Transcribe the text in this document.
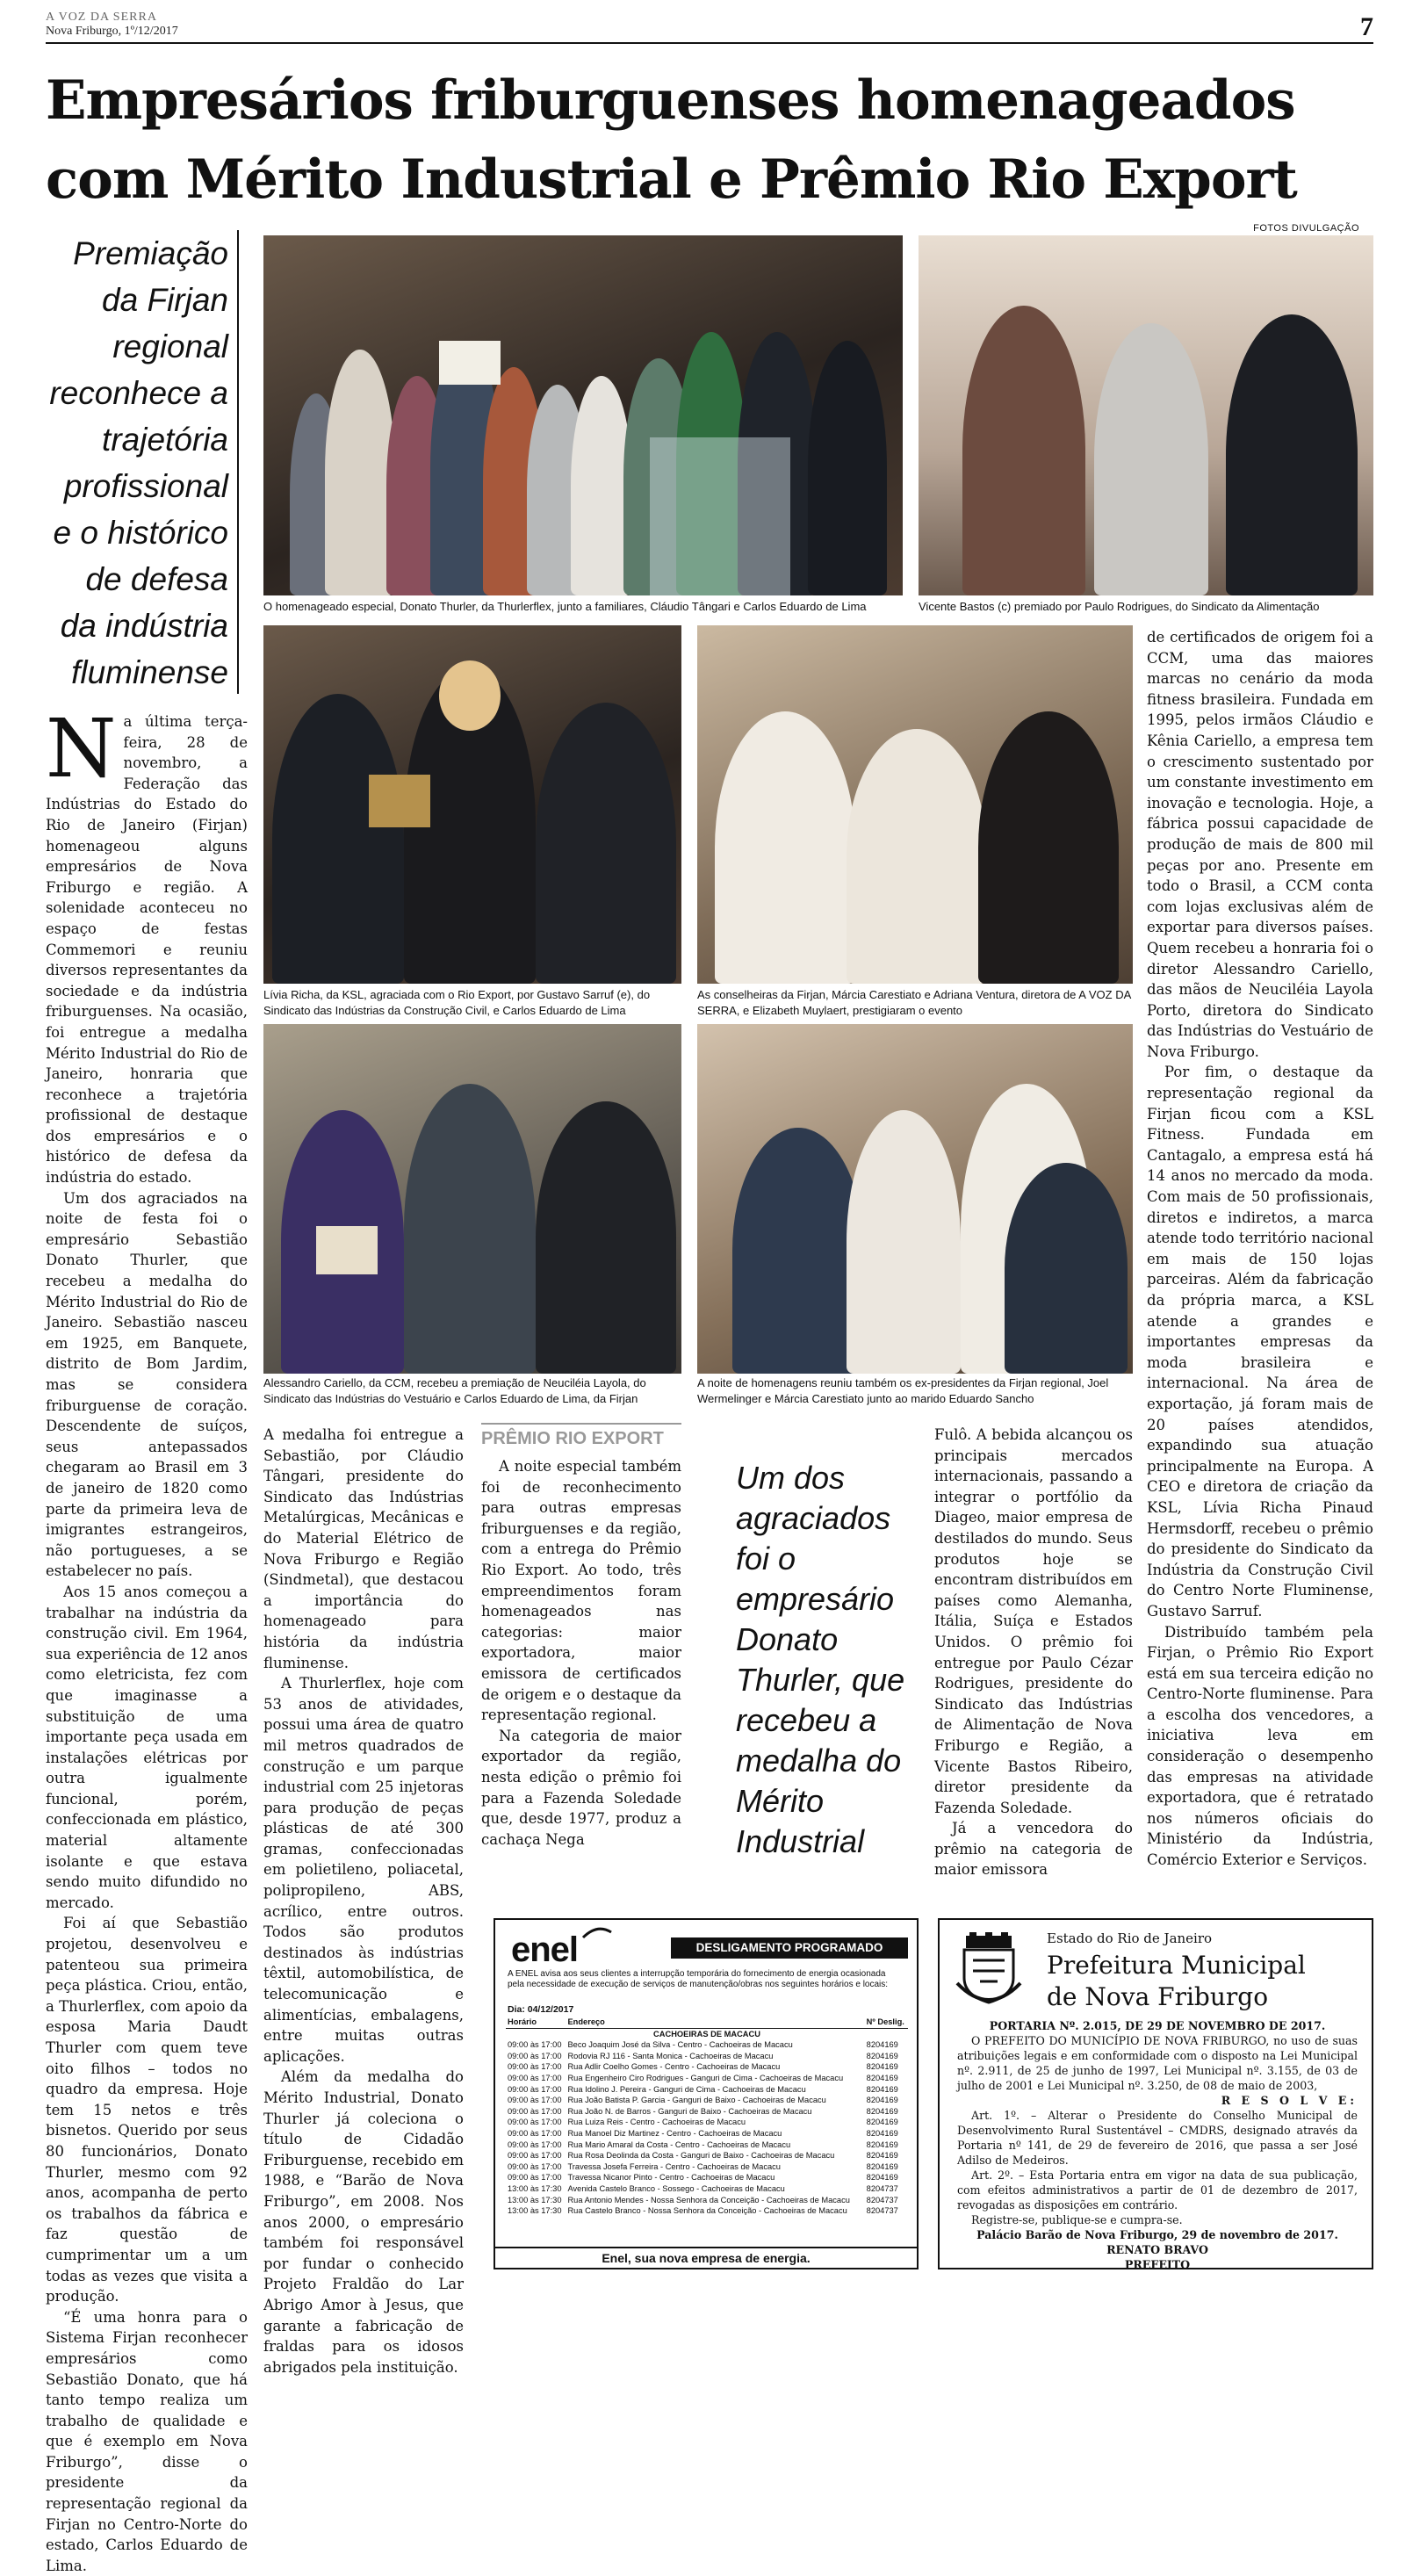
A VOZ DA SERRA
Nova Friburgo, 1º/12/2017	7
Empresários friburguenses homenageados
com Mérito Industrial e Prêmio Rio Export
FOTOS DIVULGAÇÃO
Premiação da Firjan regional reconhece a trajetória profissional e o histórico de defesa da indústria fluminense
O homenageado especial, Donato Thurler, da Thurlerflex, junto a familiares, Cláudio Tângari e Carlos Eduardo de Lima	Vicente Bastos (c) premiado por Paulo Rodrigues, do Sindicato da Alimentação
Lívia Richa, da KSL, agraciada com o Rio Export, por Gustavo Sarruf (e), do Sindicato das Indústrias da Construção Civil, e Carlos Eduardo de Lima
As conselheiras da Firjan, Márcia Carestiato e Adriana Ventura, diretora de A VOZ DA SERRA, e Elizabeth Muylaert, prestigiaram o evento
Alessandro Cariello, da CCM, recebeu a premiação de Neuciléia Layola, do Sindicato das Indústrias do Vestuário e Carlos Eduardo de Lima, da Firjan
A noite de homenagens reuniu também os ex-presidentes da Firjan regional, Joel Wermelinger e Márcia Carestiato junto ao marido Eduardo Sancho
N a última terça-feira, 28 de novembro, a Federação das Indústrias do Estado do Rio de Janeiro (Firjan) homenageou alguns empresários de Nova Friburgo e região. A solenidade aconteceu no espaço de festas Commemori e reuniu diversos representantes da sociedade e da indústria friburguenses. Na ocasião, foi entregue a medalha Mérito Industrial do Rio de Janeiro, honraria que reconhece a trajetória profissional de destaque dos empresários e o histórico de defesa da indústria do estado.

Um dos agraciados na noite de festa foi o empresário Sebastião Donato Thurler, que recebeu a medalha do Mérito Industrial do Rio de Janeiro. Sebastião nasceu em 1925, em Banquete, distrito de Bom Jardim, mas se considera friburguense de coração. Descendente de suíços, seus antepassados chegaram ao Brasil em 3 de janeiro de 1820 como parte da primeira leva de imigrantes estrangeiros, não portugueses, a se estabelecer no país.

Aos 15 anos começou a trabalhar na indústria da construção civil. Em 1964, sua experiência de 12 anos como eletricista, fez com que imaginasse a substituição de uma importante peça usada em instalações elétricas por outra igualmente funcional, porém, confeccionada em plástico, material altamente isolante e que estava sendo muito difundido no mercado.

Foi aí que Sebastião projetou, desenvolveu e patenteou sua primeira peça plástica. Criou, então, a Thurlerflex, com apoio da esposa Maria Daudt Thurler com quem teve oito filhos – todos no quadro da empresa. Hoje tem 15 netos e três bisnetos. Querido por seus 80 funcionários, Donato Thurler, mesmo com 92 anos, acompanha de perto os trabalhos da fábrica e faz questão de cumprimentar um a um todas as vezes que visita a produção.

“É uma honra para o Sistema Firjan reconhecer empresários como Sebastião Donato, que há tanto tempo realiza um trabalho de qualidade e que é exemplo em Nova Friburgo”, disse o presidente da representação regional da Firjan no Centro-Norte do estado, Carlos Eduardo de Lima.

A medalha foi entregue a Sebastião, por Cláudio Tângari, presidente do Sindicato das Indústrias Metalúrgicas, Mecânicas e do Material Elétrico de Nova Friburgo e Região (Sindmetal), que destacou a importância do homenageado para história da indústria fluminense.

A Thurlerflex, hoje com 53 anos de atividades, possui uma área de quatro mil metros quadrados de construção e um parque industrial com 25 injetoras para produção de peças plásticas de até 300 gramas, confeccionadas em polietileno, poliacetal, polipropileno, ABS, acrílico, entre outros. Todos são produtos destinados às indústrias têxtil, automobilística, de telecomunicação e alimentícias, embalagens, entre muitas outras aplicações.

Além da medalha do Mérito Industrial, Donato Thurler já coleciona o título de Cidadão Friburguense, recebido em 1988, e “Barão de Nova Friburgo”, em 2008. Nos anos 2000, o empresário também foi responsável por fundar o conhecido Projeto Fraldão do Lar Abrigo Amor à Jesus, que garante a fabricação de fraldas para os idosos abrigados pela instituição.

PRÊMIO RIO EXPORT

A noite especial também foi de reconhecimento para outras empresas friburguenses e da região, com a entrega do Prêmio Rio Export. Ao todo, três empreendimentos foram homenageados nas categorias: maior exportadora, maior emissora de certificados de origem e o destaque da representação regional.

Na categoria de maior exportador da região, nesta edição o prêmio foi para a Fazenda Soledade que, desde 1977, produz a cachaça Nega

Um dos agraciados foi o empresário Donato Thurler, que recebeu a medalha do Mérito Industrial

Fulô. A bebida alcançou os principais mercados internacionais, passando a integrar o portfólio da Diageo, maior empresa de destilados do mundo. Seus produtos hoje se encontram distribuídos em países como Alemanha, Itália, Suíça e Estados Unidos. O prêmio foi entregue por Paulo Cézar Rodrigues, presidente do Sindicato das Indústrias de Alimentação de Nova Friburgo e Região, a Vicente Bastos Ribeiro, diretor presidente da Fazenda Soledade.

Já a vencedora do prêmio na categoria de maior emissora

de certificados de origem foi a CCM, uma das maiores marcas no cenário da moda fitness brasileira. Fundada em 1995, pelos irmãos Cláudio e Kênia Cariello, a empresa tem o crescimento sustentado por um constante investimento em inovação e tecnologia. Hoje, a fábrica possui capacidade de produção de mais de 800 mil peças por ano. Presente em todo o Brasil, a CCM conta com lojas exclusivas além de exportar para diversos países. Quem recebeu a honraria foi o diretor Alessandro Cariello, das mãos de Neuciléia Layola Porto, diretora do Sindicato das Indústrias do Vestuário de Nova Friburgo.

Por fim, o destaque da representação regional da Firjan ficou com a KSL Fitness. Fundada em Cantagalo, a empresa está há 14 anos no mercado da moda. Com mais de 50 profissionais, diretos e indiretos, a marca atende todo território nacional em mais de 150 lojas parceiras. Além da fabricação da própria marca, a KSL atende a grandes e importantes empresas da moda brasileira e internacional. Na área de exportação, já foram mais de 20 países atendidos, expandindo sua atuação principalmente na Europa. A CEO e diretora de criação da KSL, Lívia Richa Pinaud Hermsdorff, recebeu o prêmio do presidente do Sindicato da Indústria da Construção Civil do Centro Norte Fluminense, Gustavo Sarruf.

Distribuído também pela Firjan, o Prêmio Rio Export está em sua terceira edição no Centro-Norte fluminense. Para a escolha dos vencedores, a iniciativa leva em consideração o desempenho das empresas na atividade exportadora, que é retratado nos números oficiais do Ministério da Indústria, Comércio Exterior e Serviços.

enel	DESLIGAMENTO PROGRAMADO
A ENEL avisa aos seus clientes a interrupção temporária do fornecimento de energia ocasionada pela necessidade de execução de serviços de manutenção/obras nos seguintes horários e locais:
Dia: 04/12/2017
Horário	Endereço	Nº Deslig.
CACHOEIRAS DE MACACU		
09:00 às 17:00	Beco Joaquim José da Silva - Centro - Cachoeiras de Macacu	8204169
09:00 às 17:00	Rodovia RJ 116 - Santa Monica - Cachoeiras de Macacu	8204169
09:00 às 17:00	Rua Adlir Coelho Gomes - Centro - Cachoeiras de Macacu	8204169
09:00 às 17:00	Rua Engenheiro Ciro Rodrigues - Ganguri de Cima - Cachoeiras de Macacu	8204169
09:00 às 17:00	Rua Idolino J. Pereira - Ganguri de Cima - Cachoeiras de Macacu	8204169
09:00 às 17:00	Rua João Batista P. Garcia - Ganguri de Baixo - Cachoeiras de Macacu	8204169
09:00 às 17:00	Rua João N. de Barros - Ganguri de Baixo - Cachoeiras de Macacu	8204169
09:00 às 17:00	Rua Luiza Reis - Centro - Cachoeiras de Macacu	8204169
09:00 às 17:00	Rua Manoel Diz Martinez - Centro - Cachoeiras de Macacu	8204169
09:00 às 17:00	Rua Mario Amaral da Costa - Centro - Cachoeiras de Macacu	8204169
09:00 às 17:00	Rua Rosa Deolinda da Costa - Ganguri de Baixo - Cachoeiras de Macacu	8204169
09:00 às 17:00	Travessa Josefa Ferreira - Centro - Cachoeiras de Macacu	8204169
09:00 às 17:00	Travessa Nicanor Pinto - Centro - Cachoeiras de Macacu	8204169
13:00 às 17:30	Avenida Castelo Branco - Sossego - Cachoeiras de Macacu	8204737
13:00 às 17:30	Rua Antonio Mendes - Nossa Senhora da Conceição - Cachoeiras de Macacu	8204737
13:00 às 17:30	Rua Castelo Branco - Nossa Senhora da Conceição - Cachoeiras de Macacu	8204737
Enel, sua nova empresa de energia.
Estado do Rio de Janeiro
Prefeitura Municipal
de Nova Friburgo

PORTARIA Nº. 2.015, DE 29 DE NOVEMBRO DE 2017.

O PREFEITO DO MUNICÍPIO DE NOVA FRIBURGO, no uso de suas atribuições legais e em conformidade com o disposto na Lei Municipal nº. 2.911, de 25 de junho de 1997, Lei Municipal nº. 3.155, de 03 de julho de 2001 e Lei Municipal nº. 3.250, de 08 de maio de 2003,

R E S O L V E:

Art. 1º. – Alterar o Presidente do Conselho Municipal de Desenvolvimento Rural Sustentável – CMDRS, designado através da Portaria nº 141, de 29 de fevereiro de 2016, que passa a ser José Adilso de Medeiros.

Art. 2º. – Esta Portaria entra em vigor na data de sua publicação, com efeitos administrativos a partir de 01 de dezembro de 2017, revogadas as disposições em contrário.

Registre-se, publique-se e cumpra-se.

Palácio Barão de Nova Friburgo, 29 de novembro de 2017.

RENATO BRAVO

PREFEITO
